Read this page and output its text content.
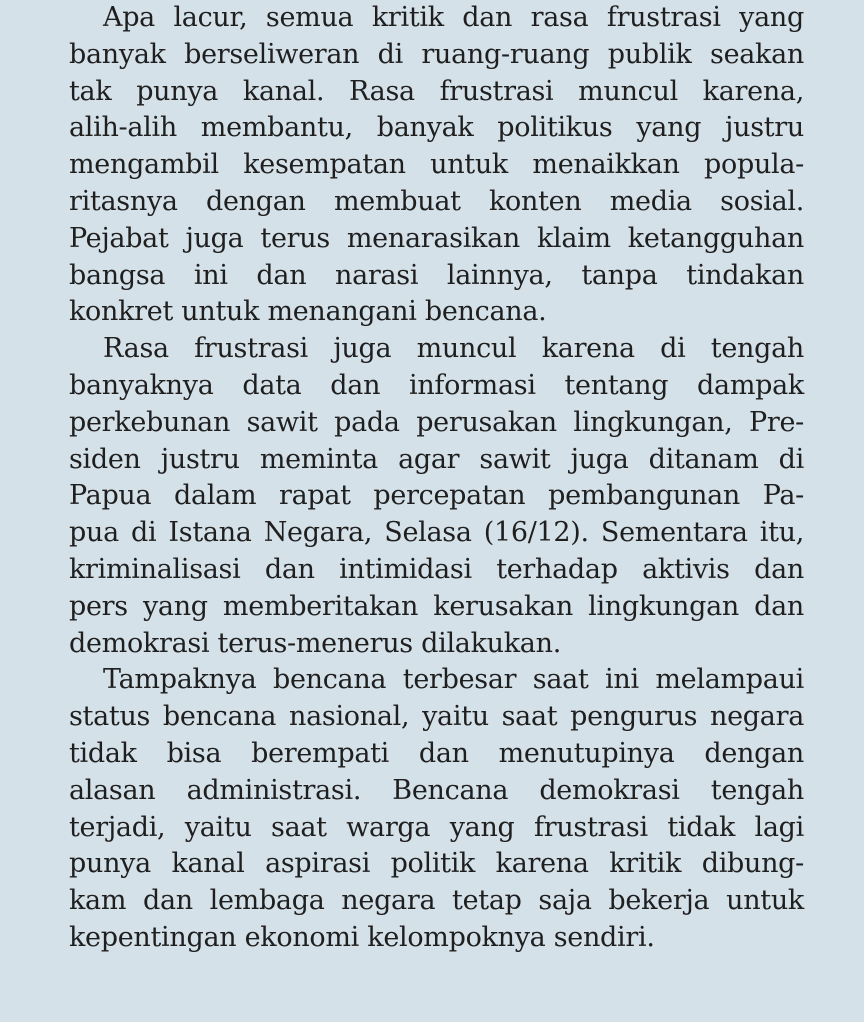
Apa lacur, semua kritik dan rasa frustrasi yang
banyak berseliweran di ruang-ruang publik seakan
tak punya kanal. Rasa frustrasi muncul karena,
alih-alih membantu, banyak politikus yang justru
mengambil kesempatan untuk menaikkan popula-
ritasnya dengan membuat konten media sosial.
Pejabat juga terus menarasikan klaim ketangguhan
bangsa ini dan narasi lainnya, tanpa tindakan
konkret untuk menangani bencana.

Rasa frustrasi juga muncul karena di tengah
banyaknya data dan informasi tentang dampak
perkebunan sawit pada perusakan lingkungan, Pre-
siden justru meminta agar sawit juga ditanam di
Papua dalam rapat percepatan pembangunan Pa-
pua di Istana Negara, Selasa (16/12). Sementara itu,
kriminalisasi dan intimidasi terhadap aktivis dan
pers yang memberitakan kerusakan lingkungan dan
demokrasi terus-menerus dilakukan.

Tampaknya bencana terbesar saat ini melampaui
status bencana nasional, yaitu saat pengurus negara
tidak bisa berempati dan menutupinya dengan
alasan administrasi. Bencana demokrasi tengah
terjadi, yaitu saat warga yang frustrasi tidak lagi
punya kanal aspirasi politik karena kritik dibung-
kam dan lembaga negara tetap saja bekerja untuk
kepentingan ekonomi kelompoknya sendiri.
